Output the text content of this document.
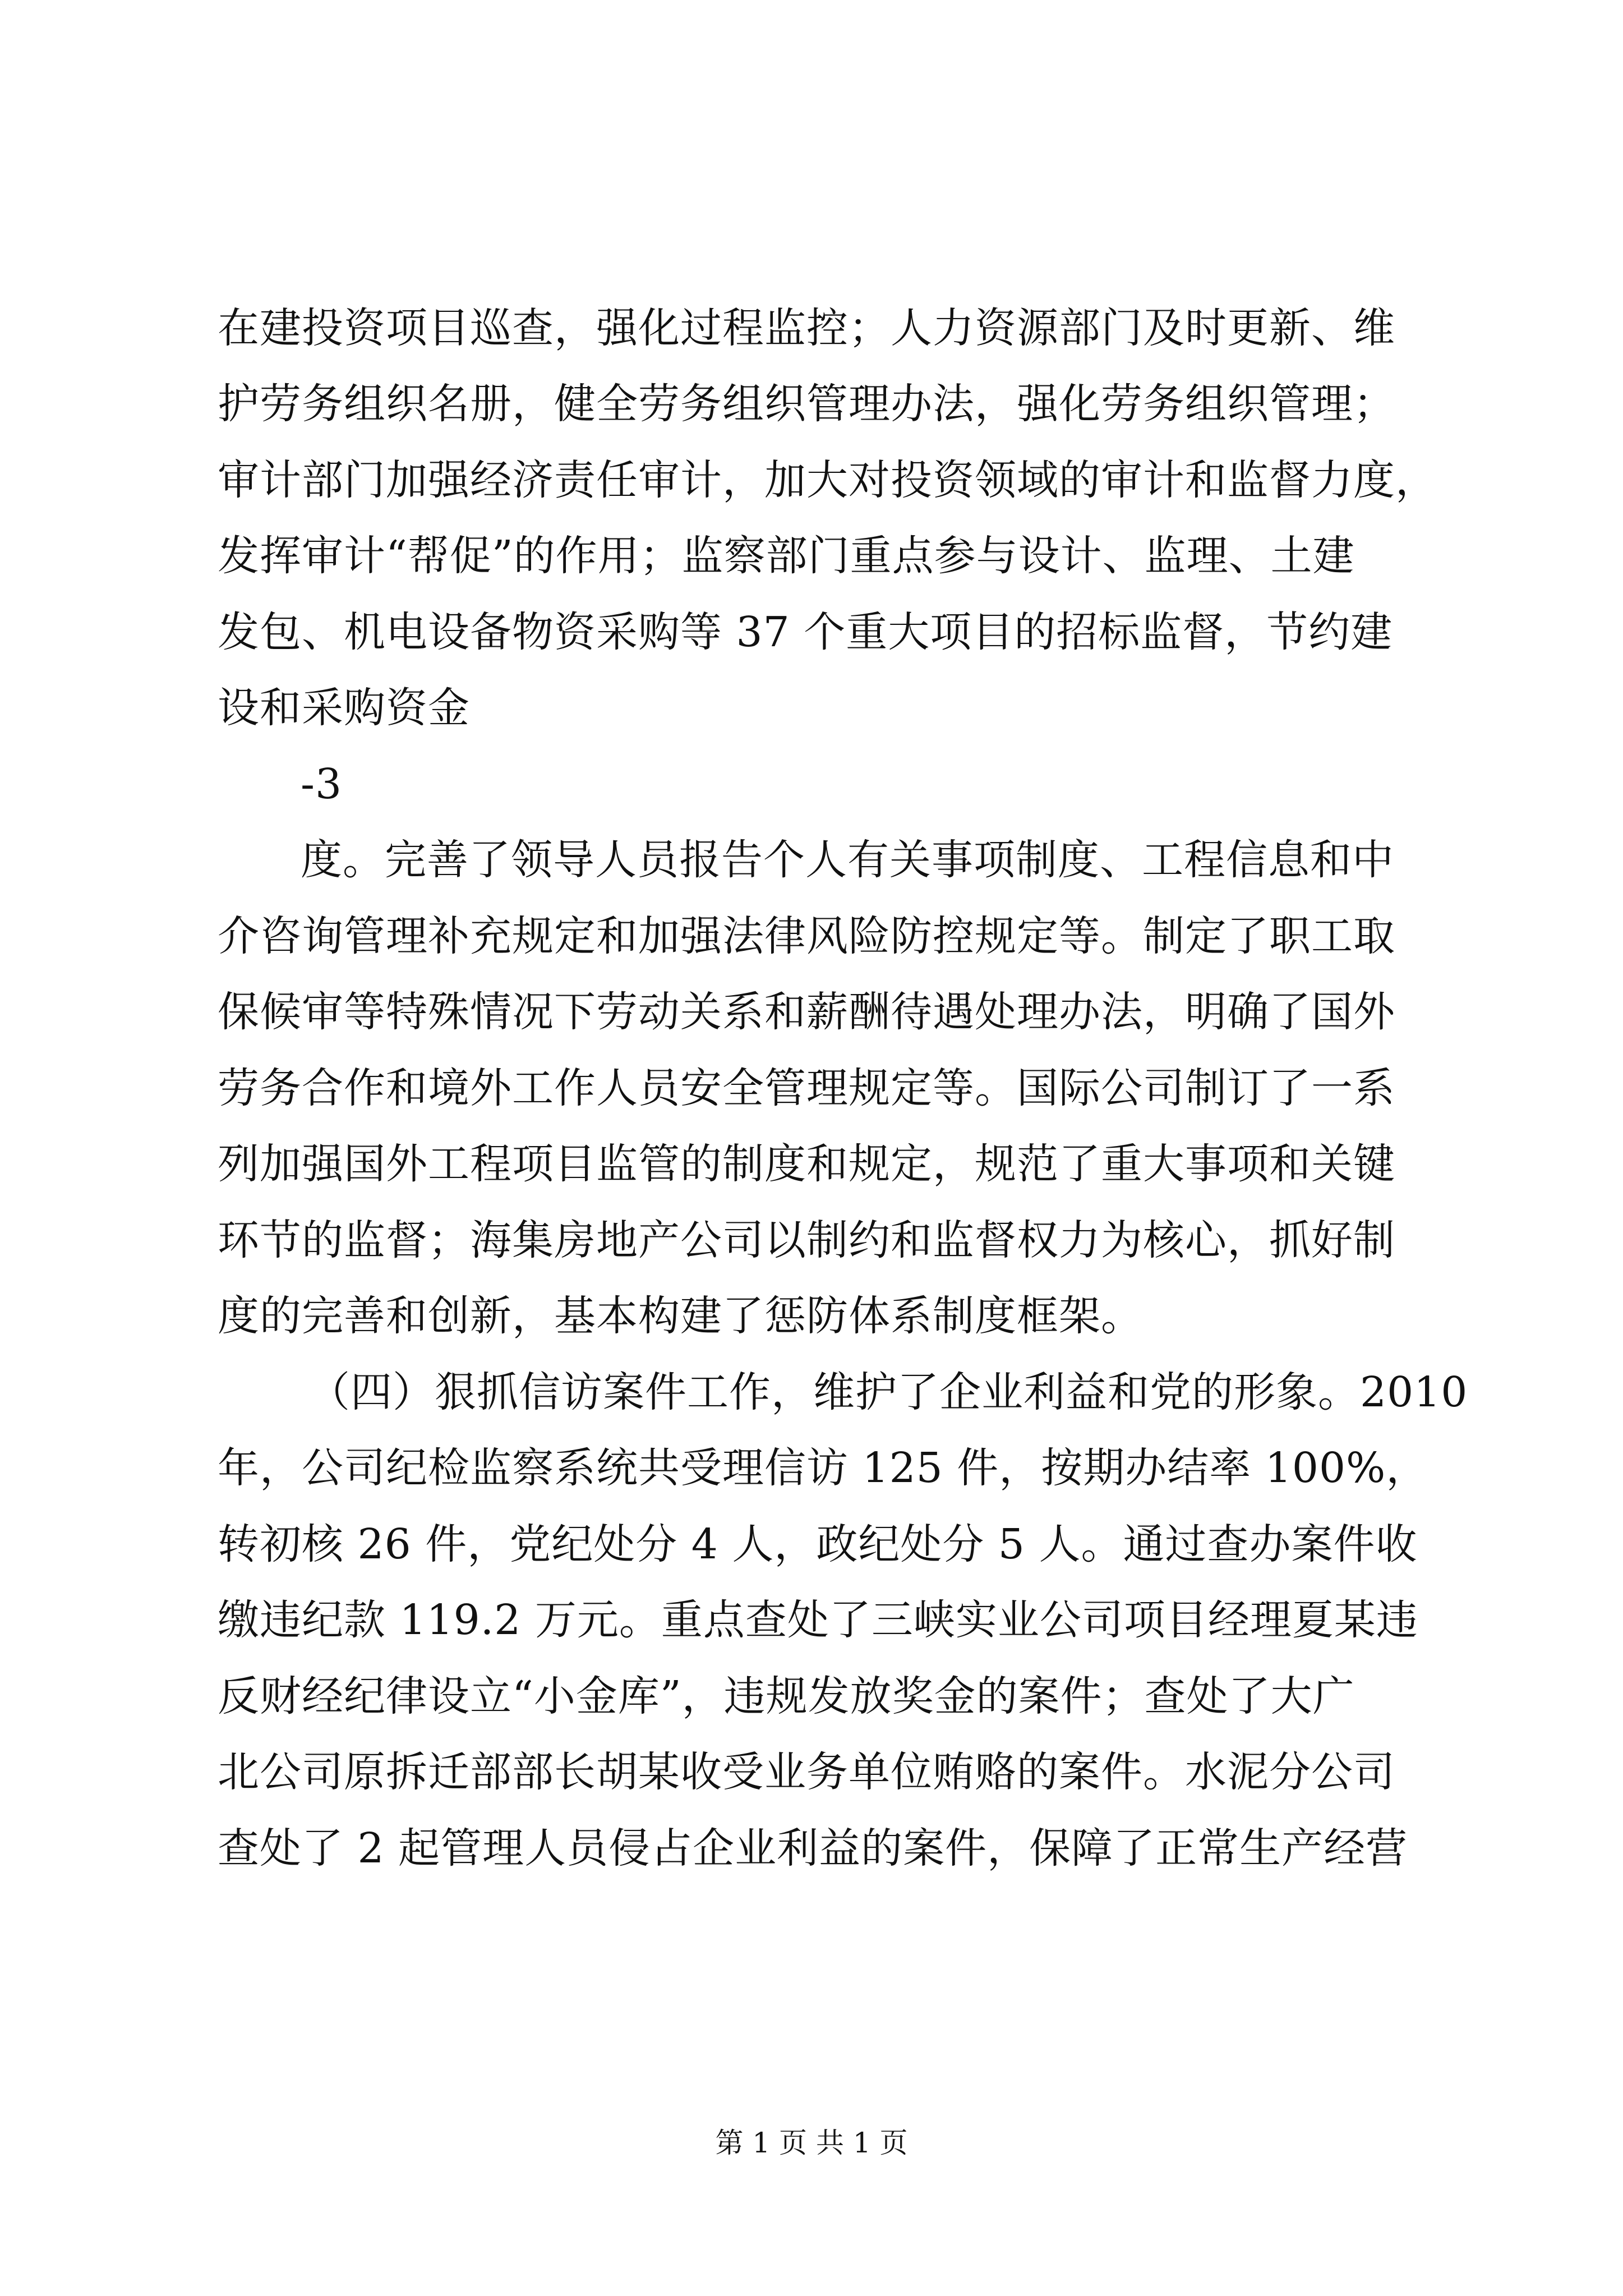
在建投资项目巡查，强化过程监控；人力资源部门及时更新、维
护劳务组织名册，健全劳务组织管理办法，强化劳务组织管理；
审计部门加强经济责任审计，加大对投资领域的审计和监督力度，
发挥审计“帮促”的作用；监察部门重点参与设计、监理、土建
发包、机电设备物资采购等 37 个重大项目的招标监督，节约建
设和采购资金
-3
度。完善了领导人员报告个人有关事项制度、工程信息和中
介咨询管理补充规定和加强法律风险防控规定等。制定了职工取
保候审等特殊情况下劳动关系和薪酬待遇处理办法，明确了国外
劳务合作和境外工作人员安全管理规定等。国际公司制订了一系
列加强国外工程项目监管的制度和规定，规范了重大事项和关键
环节的监督；海集房地产公司以制约和监督权力为核心，抓好制
度的完善和创新，基本构建了惩防体系制度框架。
（四）狠抓信访案件工作，维护了企业利益和党的形象。2010
年，公司纪检监察系统共受理信访 125 件，按期办结率 100%，
转初核 26 件，党纪处分 4 人，政纪处分 5 人。通过查办案件收
缴违纪款 119.2 万元。重点查处了三峡实业公司项目经理夏某违
反财经纪律设立“小金库”，违规发放奖金的案件；查处了大广
北公司原拆迁部部长胡某收受业务单位贿赂的案件。水泥分公司
查处了 2 起管理人员侵占企业利益的案件，保障了正常生产经营
第 1 页 共 1 页
